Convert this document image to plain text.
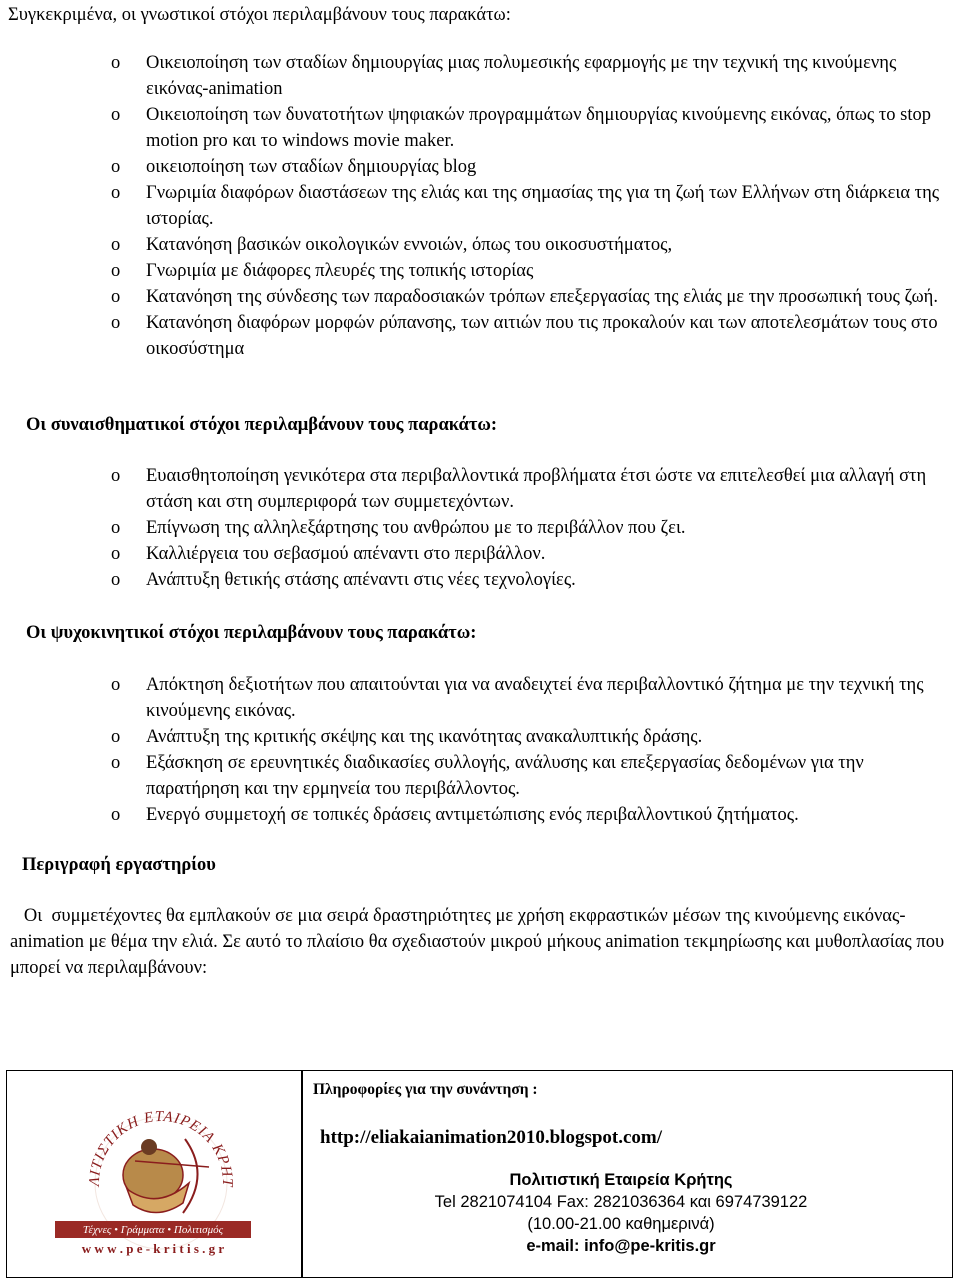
Συγκεκριμένα, οι γνωστικοί στόχοι περιλαμβάνουν τους παρακάτω:
o Οικειοποίηση των σταδίων δημιουργίας μιας πολυμεσικής εφαρμογής με την τεχνική της κινούμενης εικόνας-animation
o Οικειοποίηση των δυνατοτήτων ψηφιακών προγραμμάτων δημιουργίας κινούμενης εικόνας, όπως το stop motion pro και το windows movie maker.
o οικειοποίηση των σταδίων δημιουργίας blog
o Γνωριμία διαφόρων διαστάσεων της ελιάς και της σημασίας της για τη ζωή των Ελλήνων στη διάρκεια της ιστορίας.
o Κατανόηση βασικών οικολογικών εννοιών, όπως του οικοσυστήματος,
o Γνωριμία με διάφορες πλευρές της τοπικής ιστορίας
o Κατανόηση της σύνδεσης των παραδοσιακών τρόπων επεξεργασίας της ελιάς με την προσωπική τους ζωή.
o Κατανόηση διαφόρων μορφών ρύπανσης, των αιτιών που τις προκαλούν και των αποτελεσμάτων τους στο οικοσύστημα
Οι συναισθηματικοί στόχοι περιλαμβάνουν τους παρακάτω:
o Ευαισθητοποίηση γενικότερα στα περιβαλλοντικά προβλήματα έτσι ώστε να επιτελεσθεί μια αλλαγή στη στάση και στη συμπεριφορά των συμμετεχόντων.
o Επίγνωση της αλληλεξάρτησης του ανθρώπου με το περιβάλλον που ζει.
o Καλλιέργεια του σεβασμού απέναντι στο περιβάλλον.
o Ανάπτυξη θετικής στάσης απέναντι στις νέες τεχνολογίες.
Οι ψυχοκινητικοί στόχοι περιλαμβάνουν τους παρακάτω:
o Απόκτηση δεξιοτήτων που απαιτούνται για να αναδειχτεί ένα περιβαλλοντικό ζήτημα με την τεχνική της κινούμενης εικόνας.
o Ανάπτυξη της κριτικής σκέψης και της ικανότητας ανακαλυπτικής δράσης.
o Εξάσκηση σε ερευνητικές διαδικασίες συλλογής, ανάλυσης και επεξεργασίας δεδομένων για την παρατήρηση και την ερμηνεία του περιβάλλοντος.
o Ενεργό συμμετοχή σε τοπικές δράσεις αντιμετώπισης ενός περιβαλλοντικού ζητήματος.
Περιγραφή εργαστηρίου
Οι  συμμετέχοντες θα εμπλακούν σε μια σειρά δραστηριότητες με χρήση εκφραστικών μέσων της κινούμενης εικόνας-animation με θέμα την ελιά. Σε αυτό το πλαίσιο θα σχεδιαστούν μικρού μήκους animation τεκμηρίωσης και μυθοπλασίας που μπορεί να περιλαμβάνουν:
ΛΙΤΙΣΤΙΚΗ ΕΤΑΙΡΕΙΑ ΚΡΗΤ
Τέχνες • Γράμματα • Πολιτισμός
w w w . p e - k r i t i s . g r
Πληροφορίες για την συνάντηση :
http://eliakaianimation2010.blogspot.com/
Πολιτιστική Εταιρεία Κρήτης
Tel 2821074104 Fax: 2821036364 και 6974739122
(10.00-21.00 καθημερινά)
e-mail: info@pe-kritis.gr
